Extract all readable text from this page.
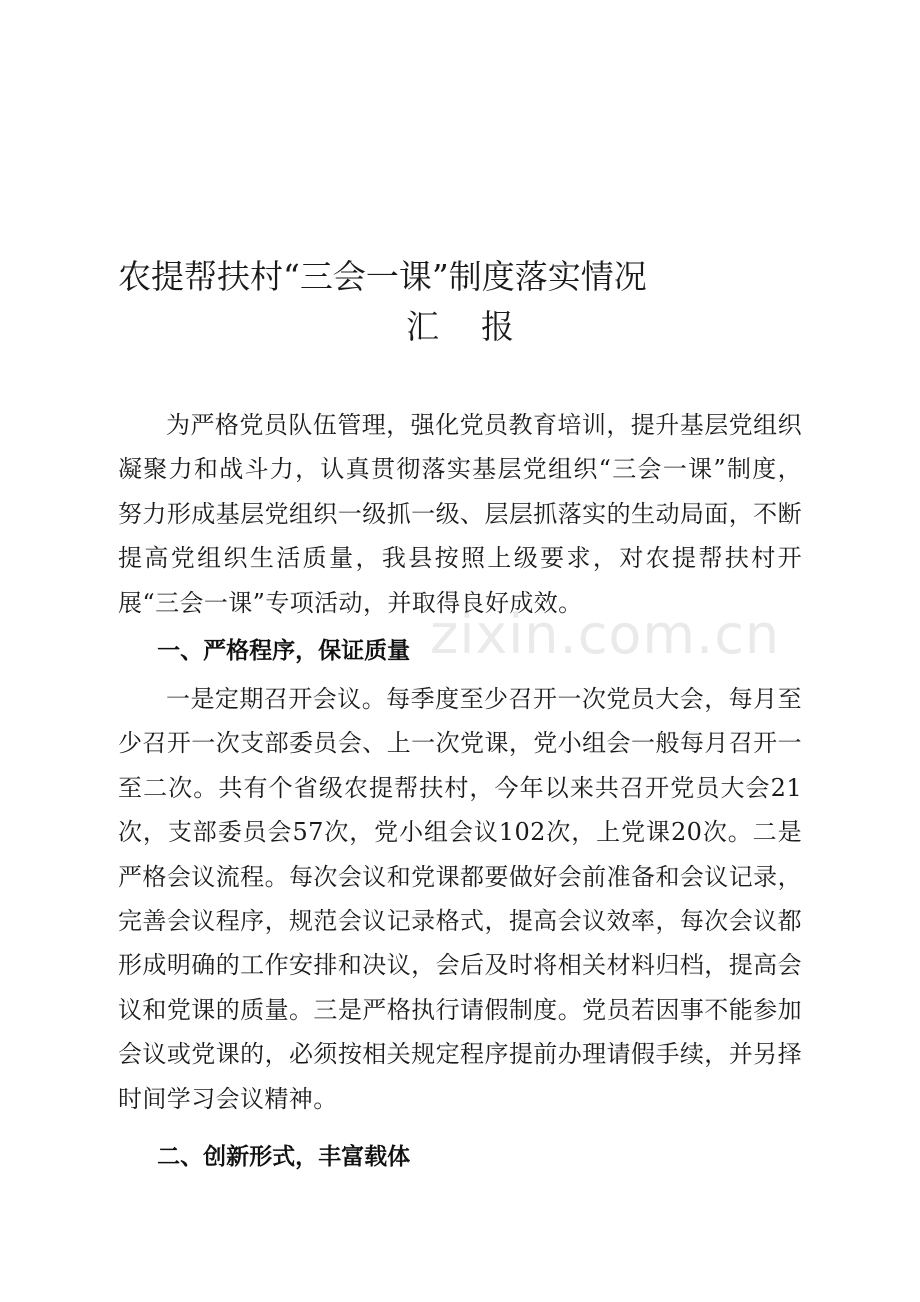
农提帮扶村“三会一课”制度落实情况
汇    报

为严格党员队伍管理，强化党员教育培训，提升基层党组织凝聚力和战斗力，认真贯彻落实基层党组织“三会一课”制度，努力形成基层党组织一级抓一级、层层抓落实的生动局面，不断提高党组织生活质量，我县按照上级要求，对农提帮扶村开展“三会一课”专项活动，并取得良好成效。

一、严格程序，保证质量

一是定期召开会议。每季度至少召开一次党员大会，每月至少召开一次支部委员会、上一次党课，党小组会一般每月召开一至二次。共有个省级农提帮扶村，今年以来共召开党员大会21次，支部委员会57次，党小组会议102次，上党课20次。二是严格会议流程。每次会议和党课都要做好会前准备和会议记录，完善会议程序，规范会议记录格式，提高会议效率，每次会议都形成明确的工作安排和决议，会后及时将相关材料归档，提高会议和党课的质量。三是严格执行请假制度。党员若因事不能参加会议或党课的，必须按相关规定程序提前办理请假手续，并另择时间学习会议精神。

二、创新形式，丰富载体

zixin.com.cn
